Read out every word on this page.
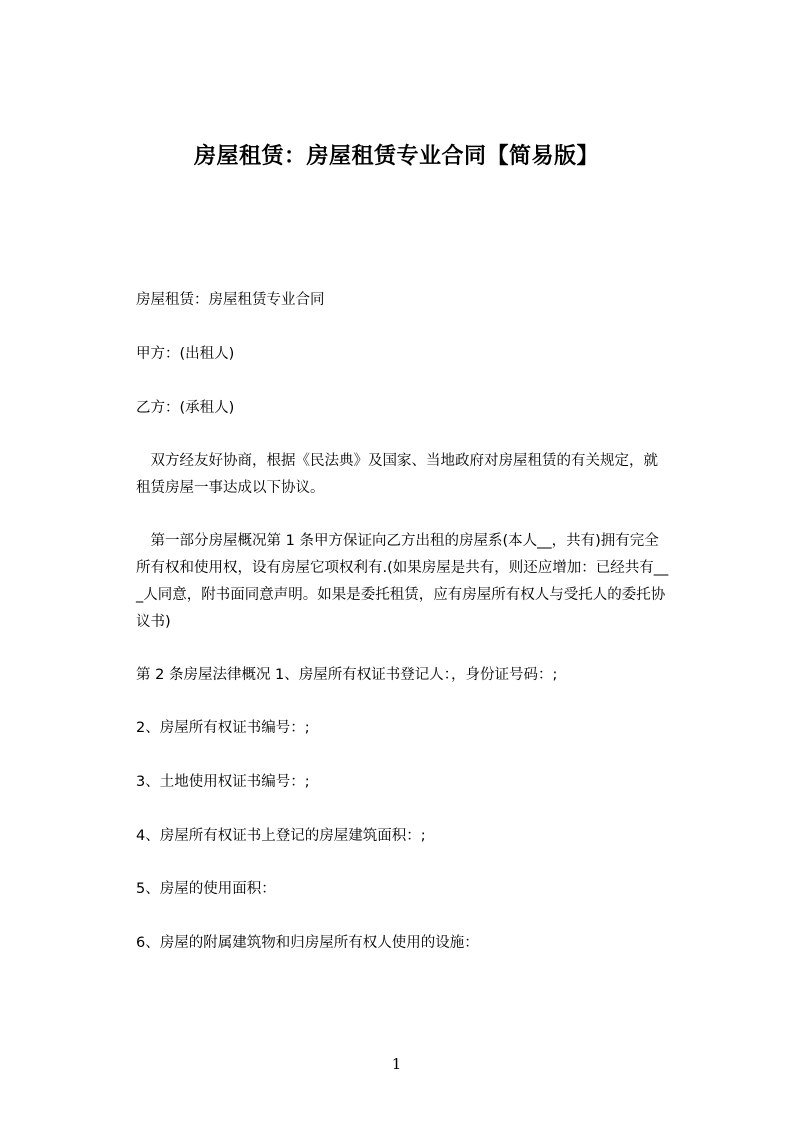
房屋租赁：房屋租赁专业合同【简易版】

房屋租赁：房屋租赁专业合同

甲方：(出租人)

乙方：(承租人)

　双方经友好协商，根据《民法典》及国家、当地政府对房屋租赁的有关规定，就
租赁房屋一事达成以下协议。
　第一部分房屋概况第 1 条甲方保证向乙方出租的房屋系(本人__，共有)拥有完全
所有权和使用权，设有房屋它项权利有.(如果房屋是共有，则还应增加：已经共有__
_人同意，附书面同意声明。如果是委托租赁，应有房屋所有权人与受托人的委托协
议书)

第 2 条房屋法律概况 1、房屋所有权证书登记人：，身份证号码：;

2、房屋所有权证书编号：;

3、土地使用权证书编号：;

4、房屋所有权证书上登记的房屋建筑面积：;

5、房屋的使用面积：

6、房屋的附属建筑物和归房屋所有权人使用的设施：

1
